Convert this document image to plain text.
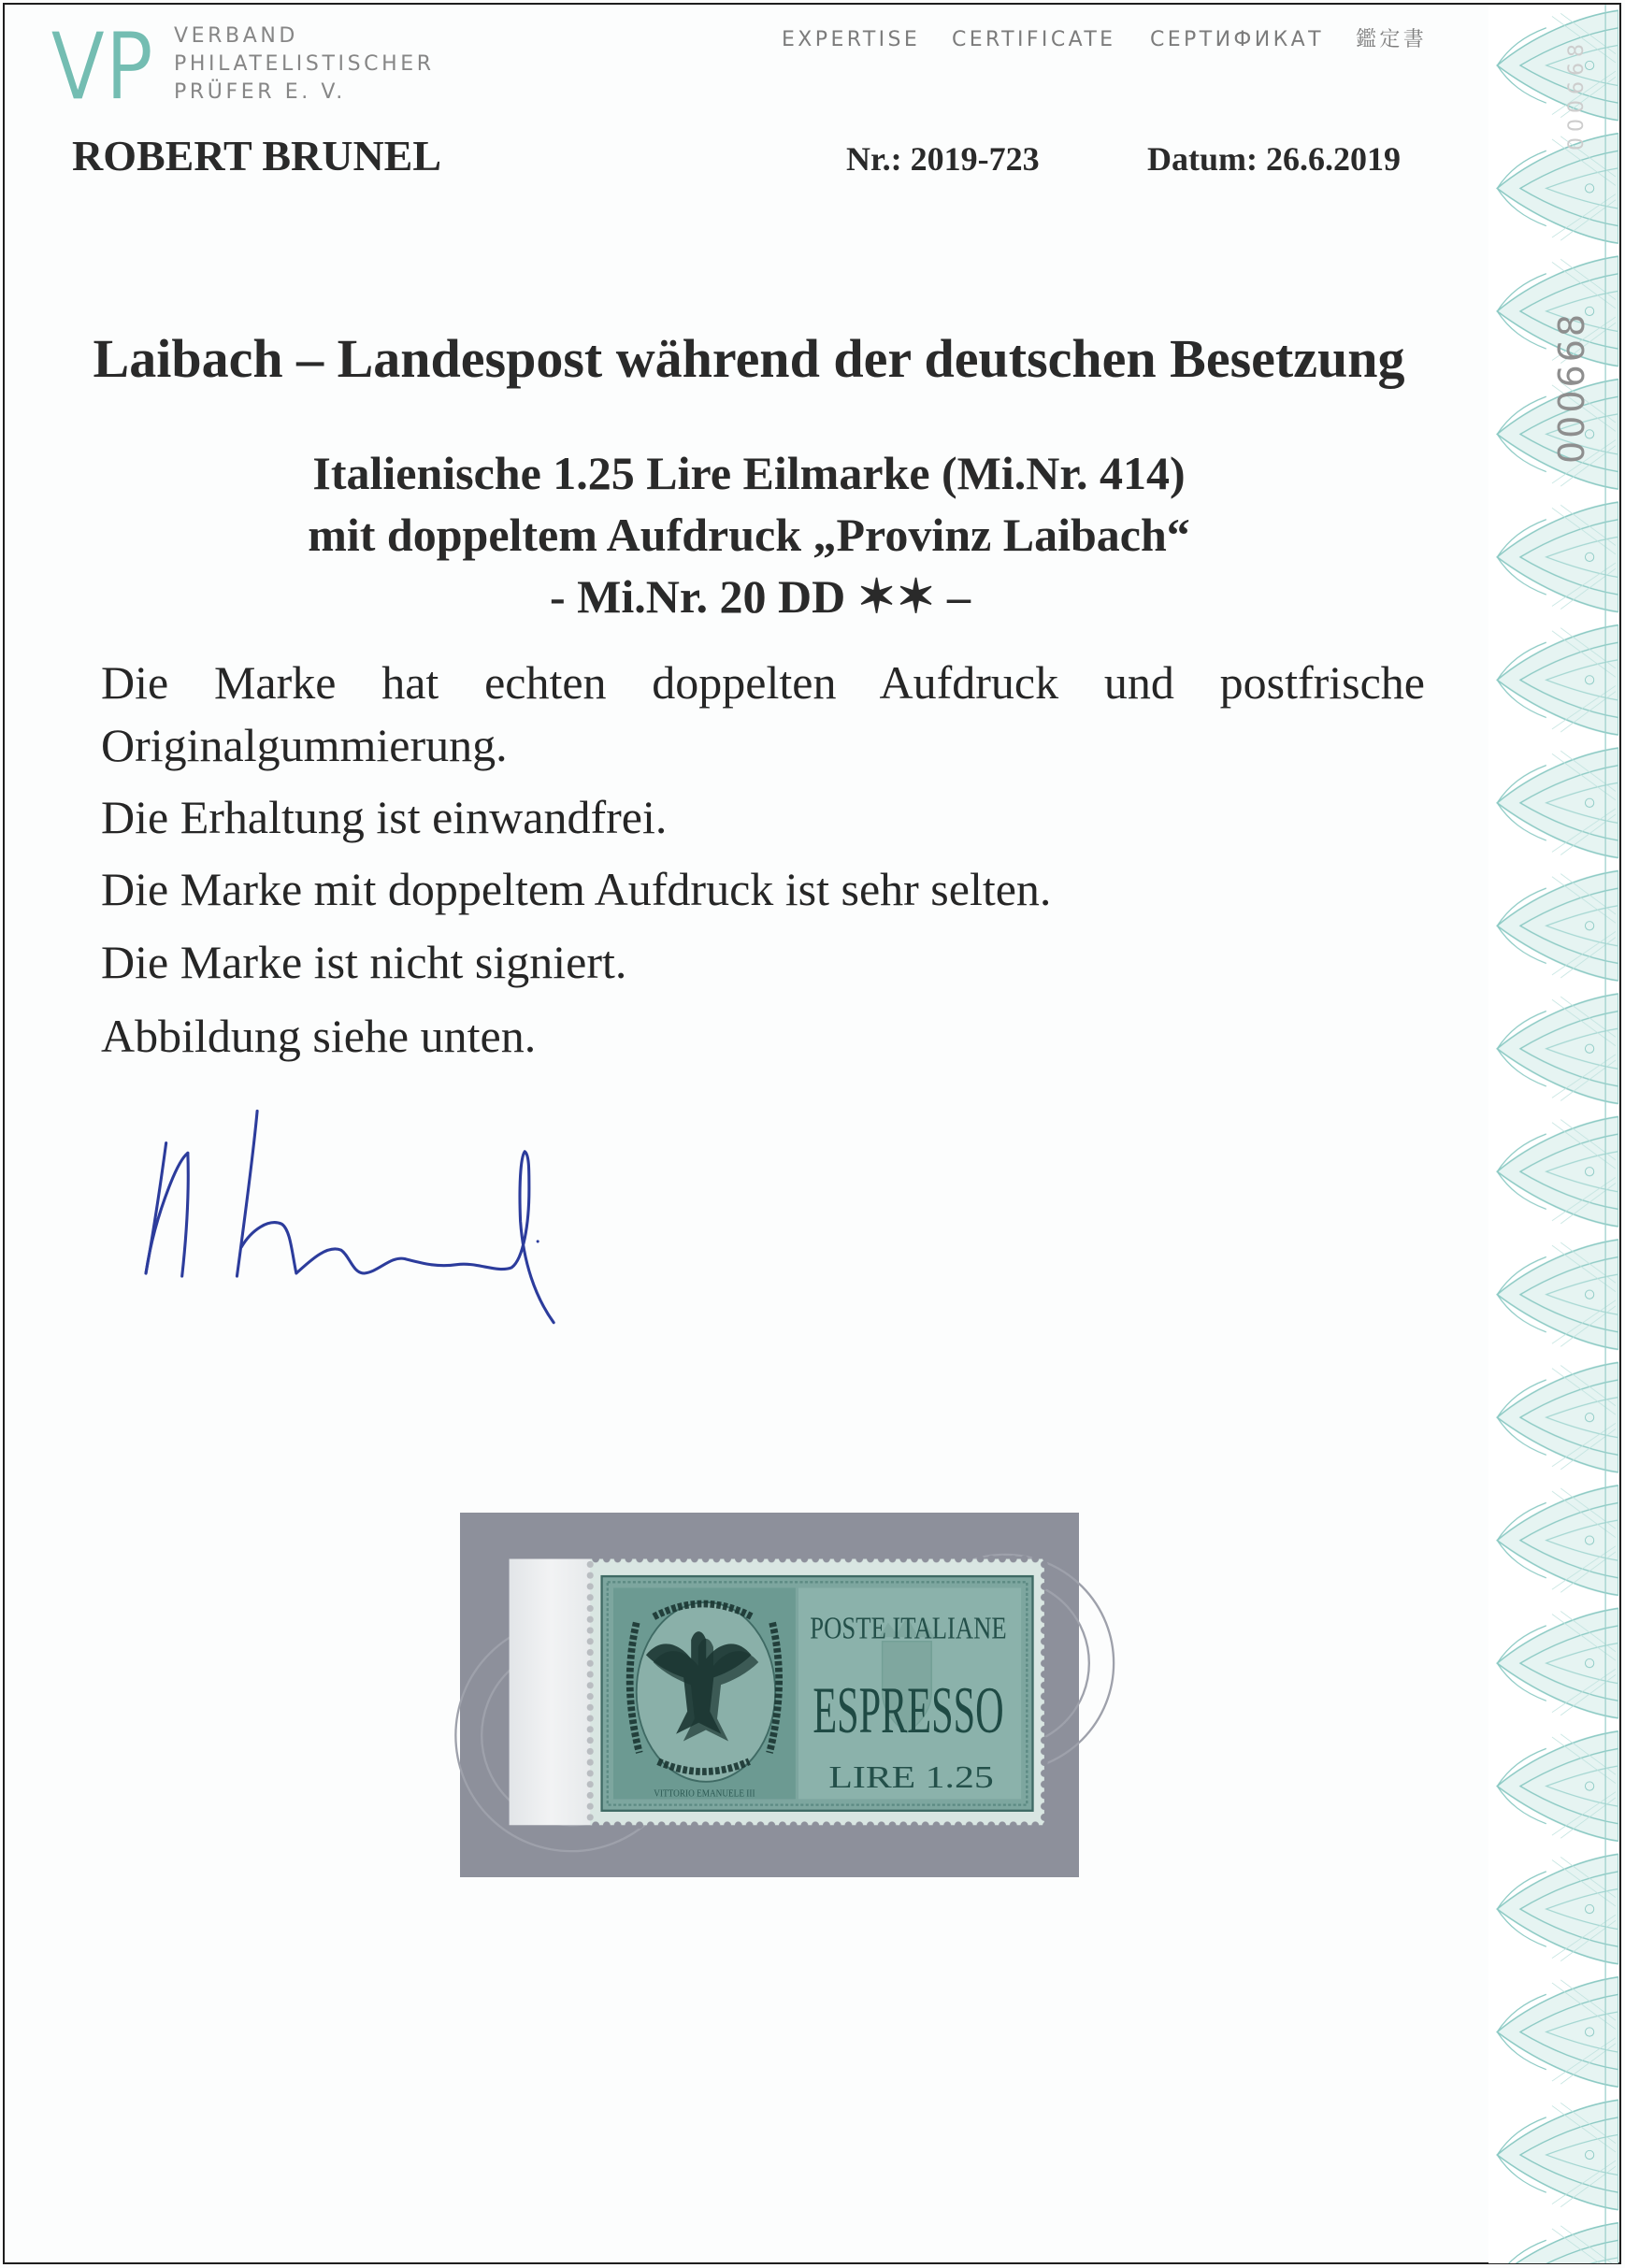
000668
000668
VP VERBAND
PHILATELISTISCHER
PRÜFER E. V.
EXPERTISE CERTIFICATE СЕРТИФИКАТ 鑑定書
ROBERT BRUNEL	Nr.: 2019-723	Datum: 26.6.2019
Laibach – Landespost während der deutschen Besetzung
Italienische 1.25 Lire Eilmarke (Mi.Nr. 414)
mit doppeltem Aufdruck „Provinz Laibach“
- Mi.Nr. 20 DD ✶✶ –
Die Marke hat echten doppelten Aufdruck und postfrische
Originalgummierung.
Die Erhaltung ist einwandfrei.
Die Marke mit doppeltem Aufdruck ist sehr selten.
Die Marke ist nicht signiert.
Abbildung siehe unten.
POSTE ITALIANE
ESPRESSO
LIRE 1.25
VITTORIO EMANUELE III
